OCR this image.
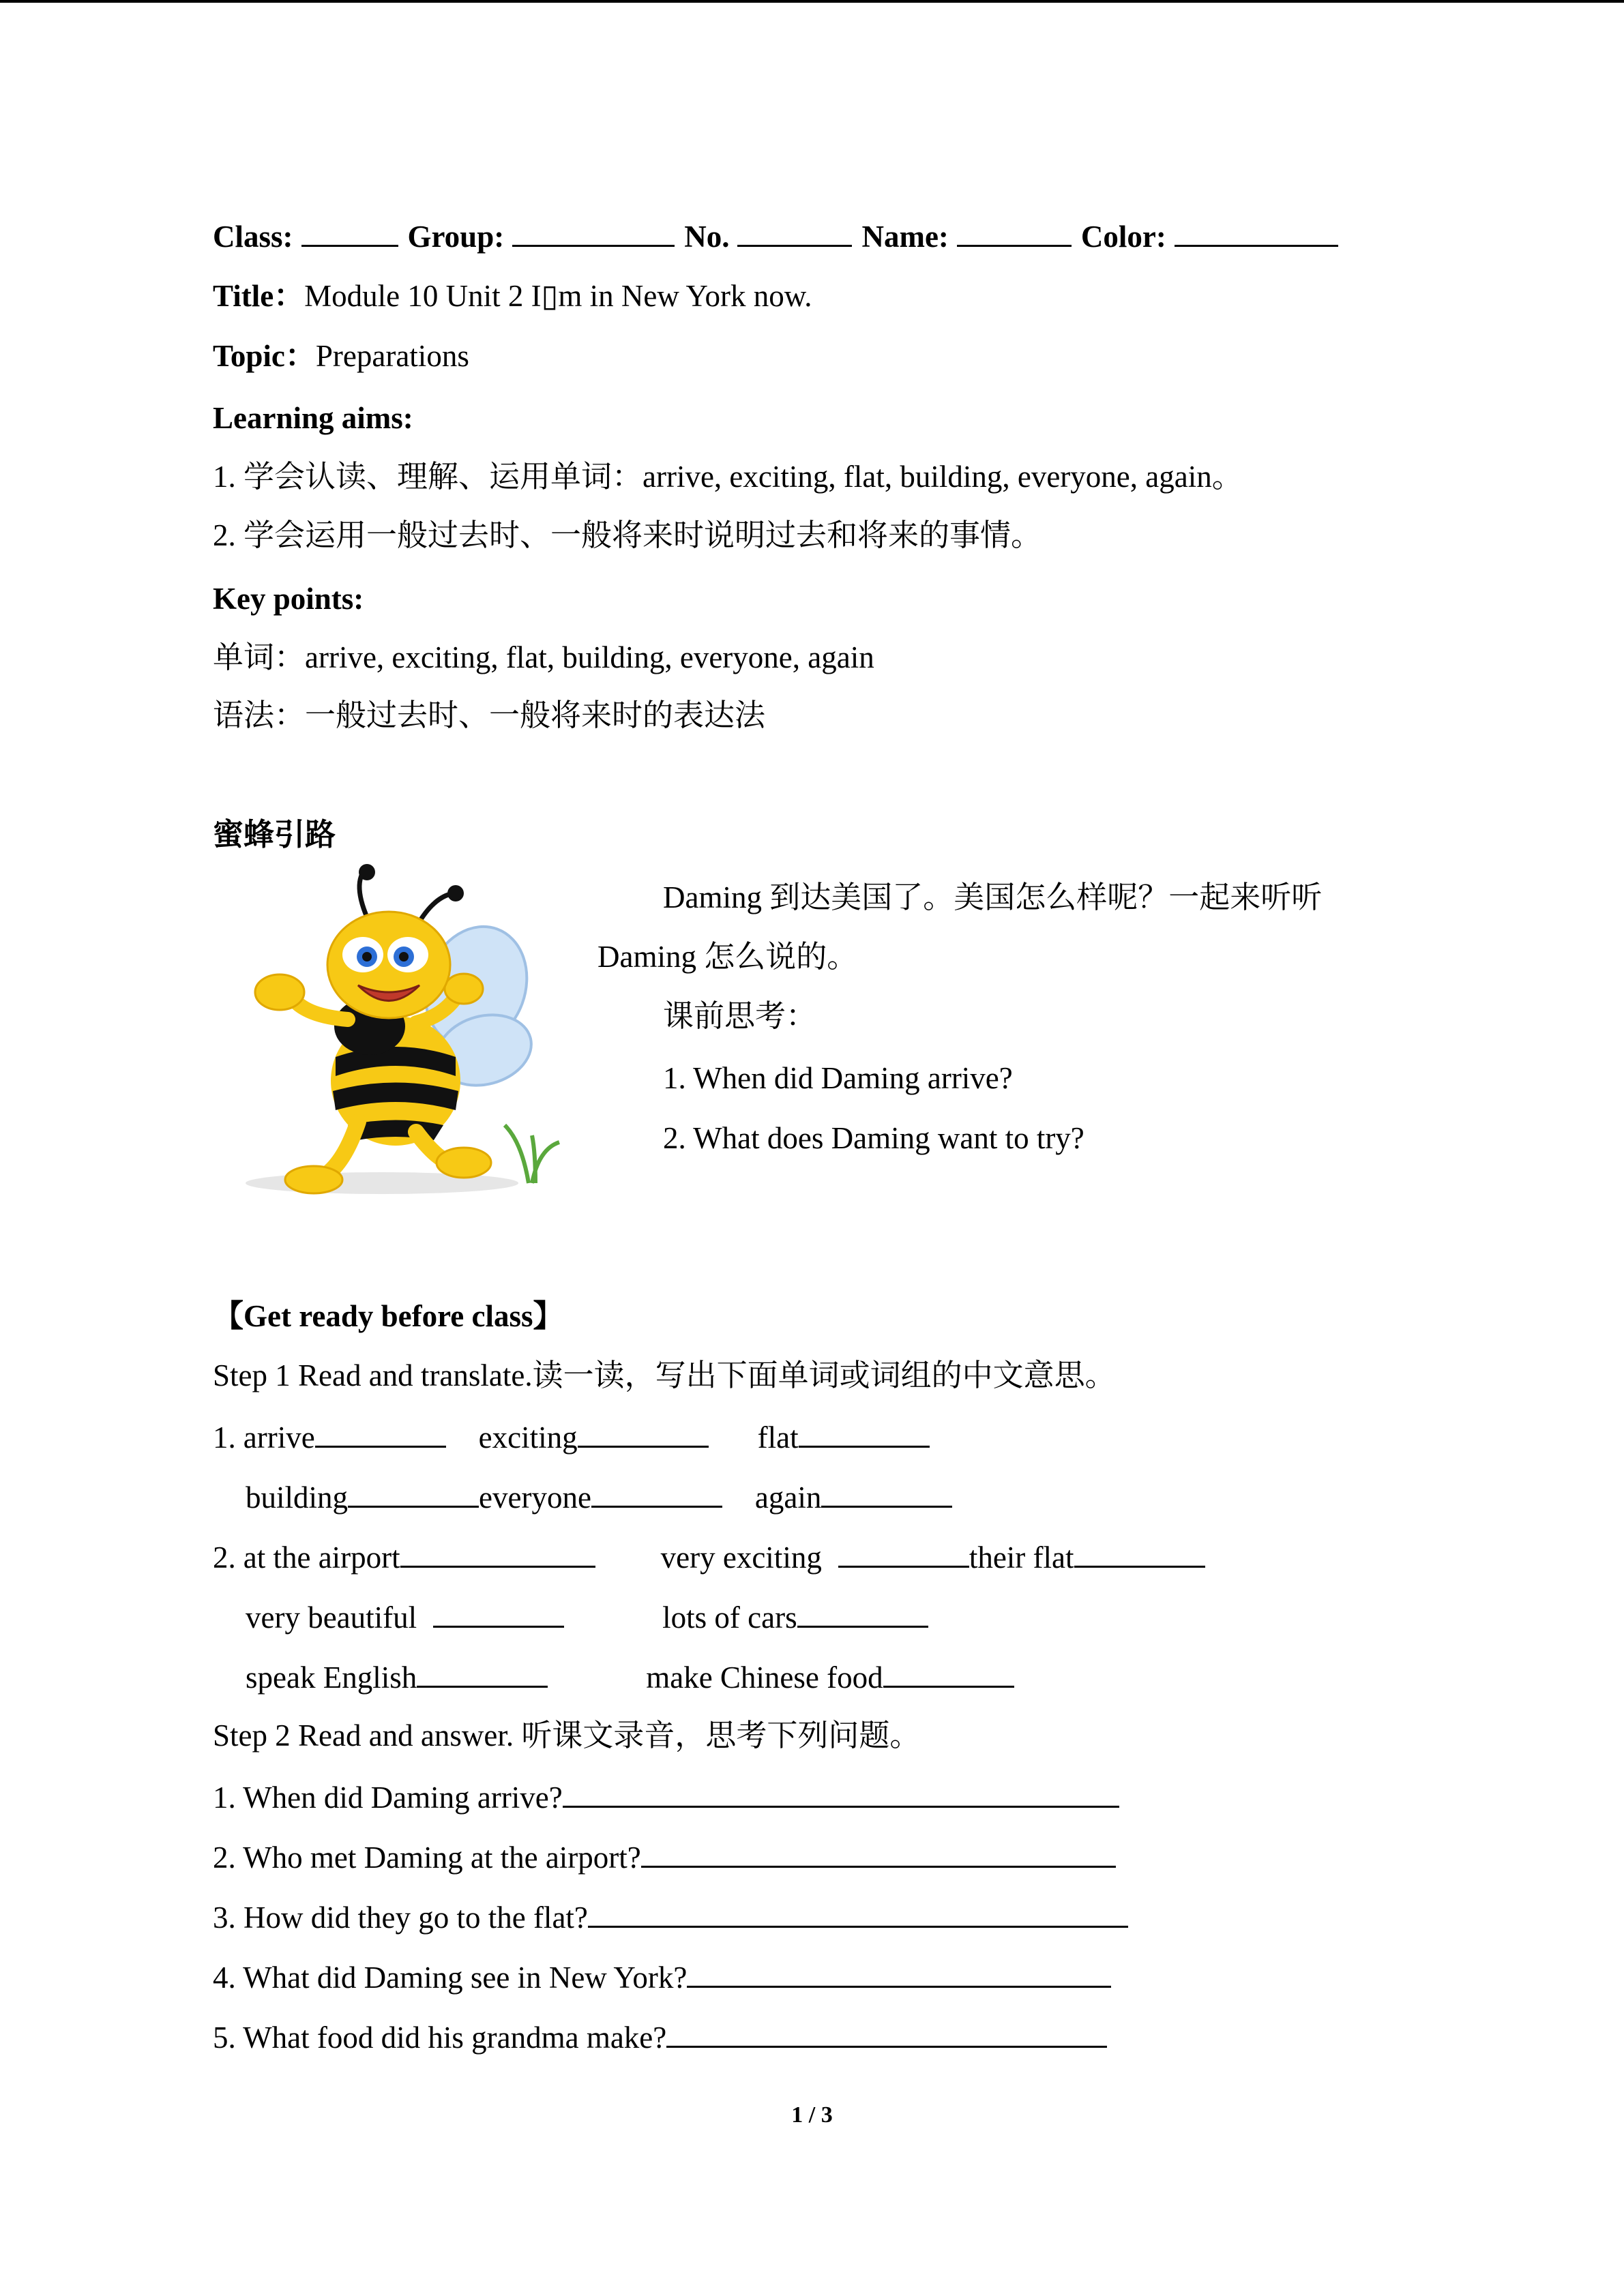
Class:	Group:	No.	Name:	Color:
Title：Module 10 Unit 2 I▯m in New York now.
Topic：Preparations
Learning aims:
1. 学会认读、理解、运用单词：arrive, exciting, flat, building, everyone, again。
2. 学会运用一般过去时、一般将来时说明过去和将来的事情。
Key points:
单词：arrive, exciting, flat, building, everyone, again
语法：一般过去时、一般将来时的表达法
蜜蜂引路
Daming 到达美国了。美国怎么样呢？一起来听听
Daming 怎么说的。
课前思考：
1. When did Daming arrive?
2. What does Daming want to try?
【Get ready before class】
Step 1 Read and translate.读一读，写出下面单词或词组的中文意思。
1. arrive	exciting	flat
building	everyone	again
2. at the airport	very exciting	their flat
very beautiful	lots of cars
speak English	make Chinese food
Step 2 Read and answer. 听课文录音，思考下列问题。
1. When did Daming arrive?
2. Who met Daming at the airport?
3. How did they go to the flat?
4. What did Daming see in New York?
5. What food did his grandma make?
1 / 3
